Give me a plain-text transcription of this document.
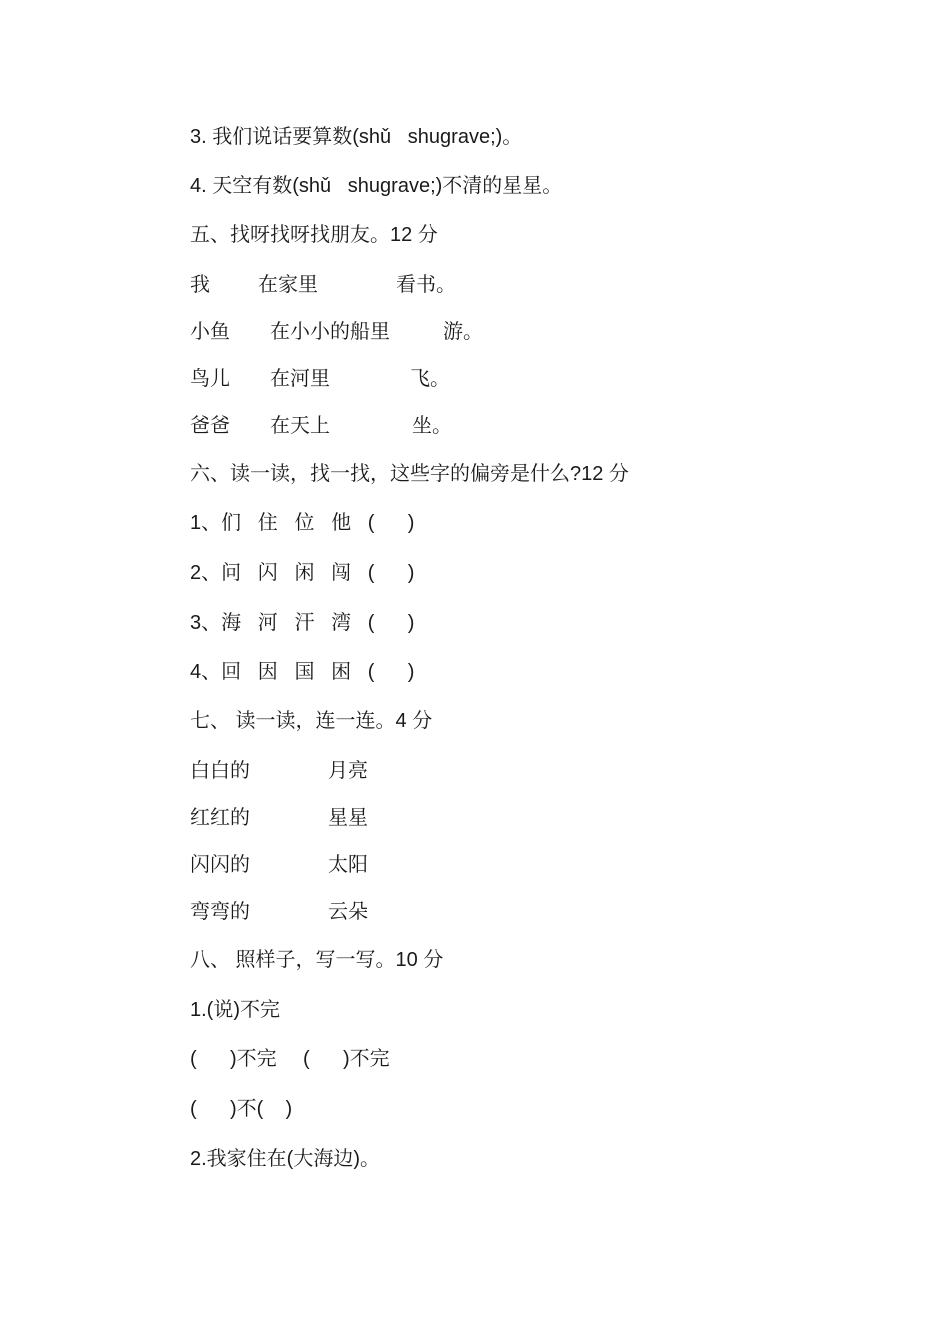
3. 我们说话要算数(shǔ   shugrave;)。
4. 天空有数(shǔ   shugrave;)不清的星星。
五、找呀找呀找朋友。12 分
我 在家里	看书。
小鱼 在小小的船里	游。
鸟儿 在河里	飞。
爸爸 在天上	坐。
六、读一读，找一找，这些字的偏旁是什么?12 分
1、们   住   位   他   (      )
2、问   闪   闲   闯   (      )
3、海   河   汗   湾   (      )
4、回   因   国   困   (      )
七、 读一读，连一连。4 分
白白的	月亮
红红的	星星
闪闪的	太阳
弯弯的	云朵
八、 照样子，写一写。10 分
1.(说)不完
(      )不完 (      )不完
(      )不(    )
2.我家住在(大海边)。
